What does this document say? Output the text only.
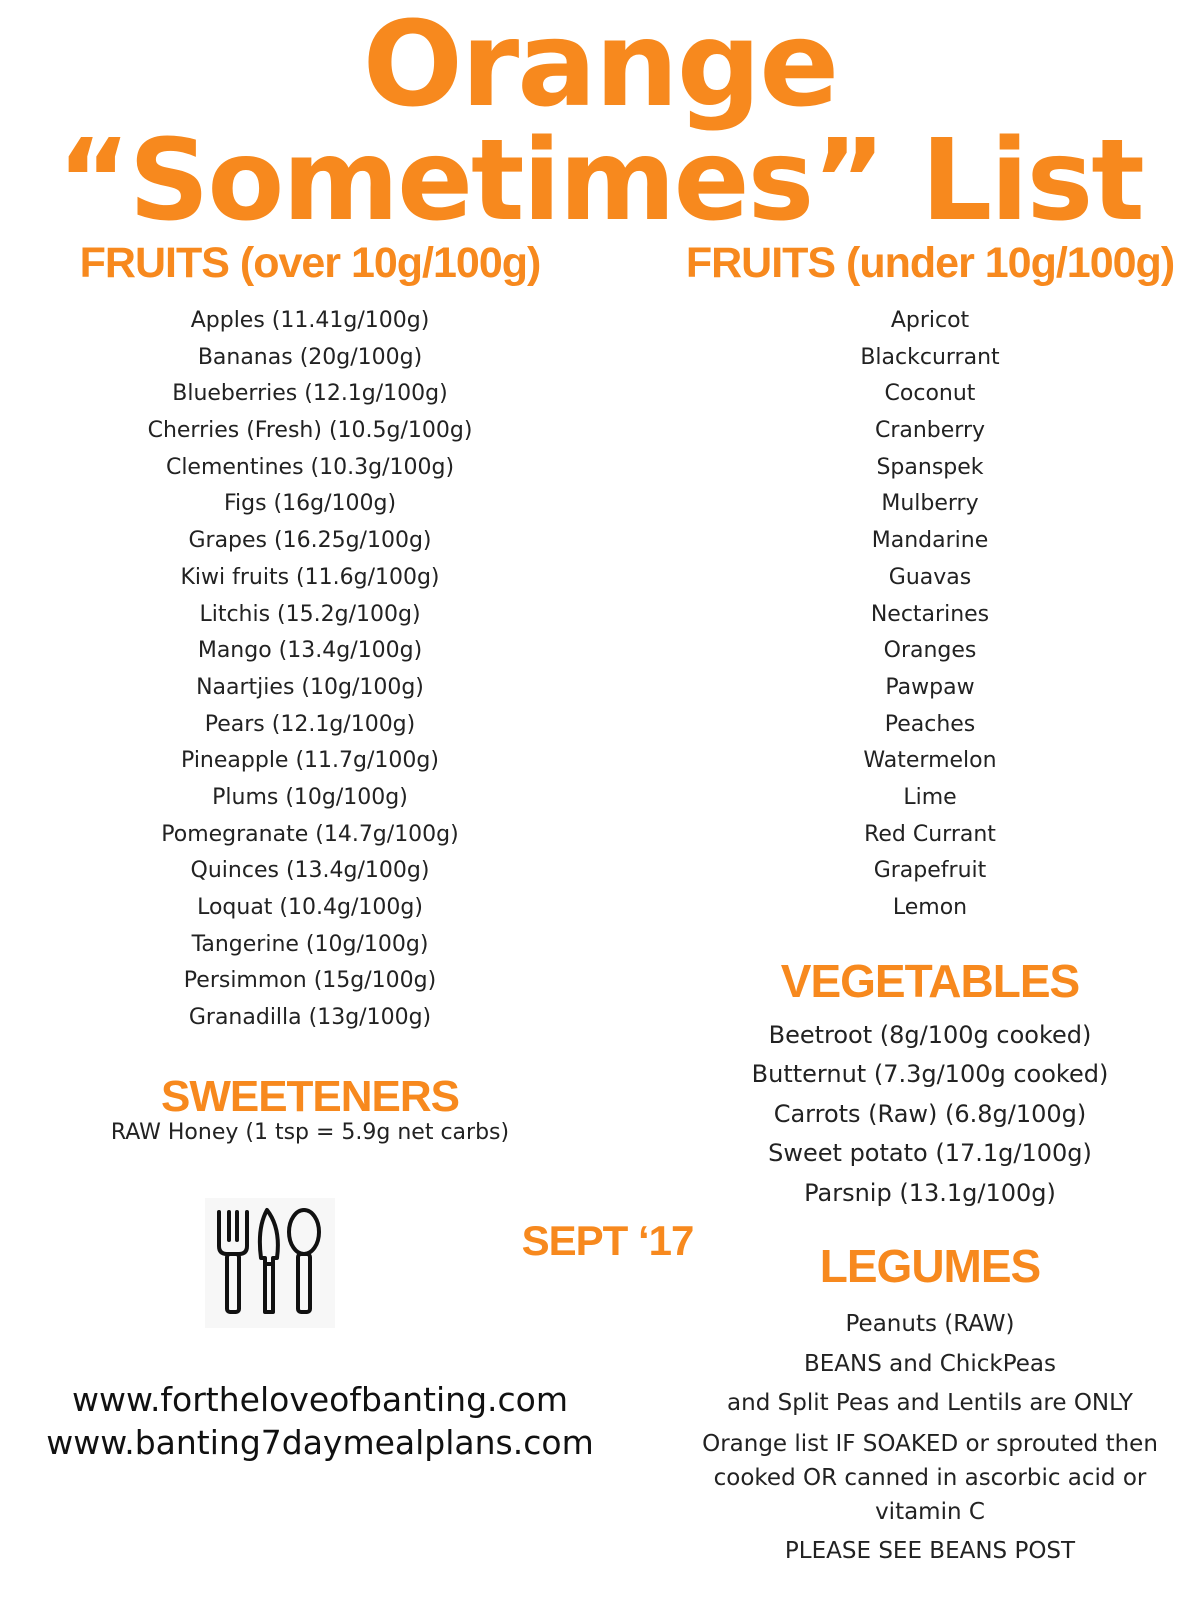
Orange
“Sometimes” List
FRUITS (over 10g/100g)
Apples (11.41g/100g)
Bananas (20g/100g)
Blueberries (12.1g/100g)
Cherries (Fresh) (10.5g/100g)
Clementines (10.3g/100g)
Figs (16g/100g)
Grapes (16.25g/100g)
Kiwi fruits (11.6g/100g)
Litchis (15.2g/100g)
Mango (13.4g/100g)
Naartjies (10g/100g)
Pears (12.1g/100g)
Pineapple (11.7g/100g)
Plums (10g/100g)
Pomegranate (14.7g/100g)
Quinces (13.4g/100g)
Loquat (10.4g/100g)
Tangerine (10g/100g)
Persimmon (15g/100g)
Granadilla (13g/100g)
FRUITS (under 10g/100g)
Apricot
Blackcurrant
Coconut
Cranberry
Spanspek
Mulberry
Mandarine
Guavas
Nectarines
Oranges
Pawpaw
Peaches
Watermelon
Lime
Red Currant
Grapefruit
Lemon
SWEETENERS
RAW Honey (1 tsp = 5.9g net carbs)
SEPT ‘17
www.fortheloveofbanting.com
www.banting7daymealplans.com
VEGETABLES
Beetroot (8g/100g cooked)
Butternut (7.3g/100g cooked)
Carrots (Raw) (6.8g/100g)
Sweet potato (17.1g/100g)
Parsnip (13.1g/100g)
LEGUMES
Peanuts (RAW)
BEANS and ChickPeas
and Split Peas and Lentils are ONLY
Orange list IF SOAKED or sprouted then cooked OR canned in ascorbic acid or vitamin C
PLEASE SEE BEANS POST
